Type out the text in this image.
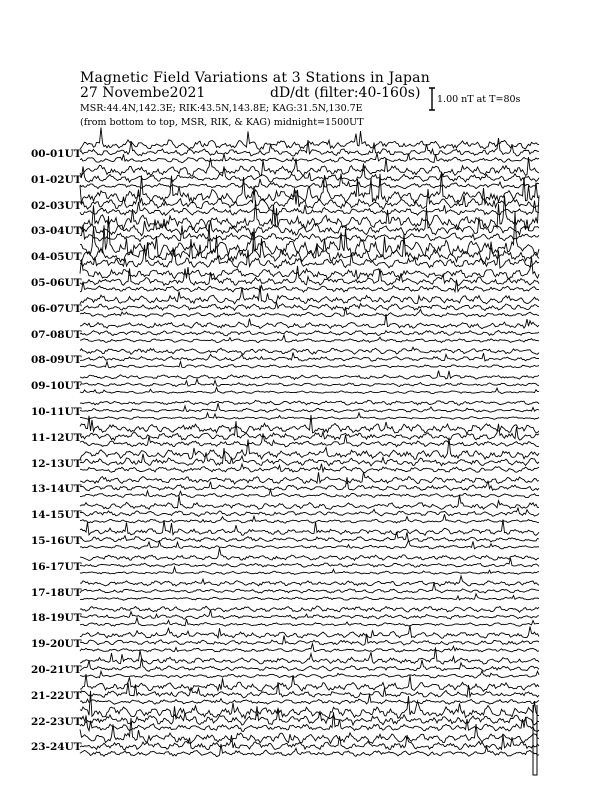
Magnetic Field Variations at 3 Stations in Japan
27 Novembe2021	dD/dt (filter:40-160s)
MSR:44.4N,142.3E; RIK:43.5N,143.8E; KAG:31.5N,130.7E
(from bottom to top, MSR, RIK, & KAG) midnight=1500UT
1.00 nT at T=80s
00-01UT
01-02UT
02-03UT
03-04UT
04-05UT
05-06UT
06-07UT
07-08UT
08-09UT
09-10UT
10-11UT
11-12UT
12-13UT
13-14UT
14-15UT
15-16UT
16-17UT
17-18UT
18-19UT
19-20UT
20-21UT
21-22UT
22-23UT
23-24UT
